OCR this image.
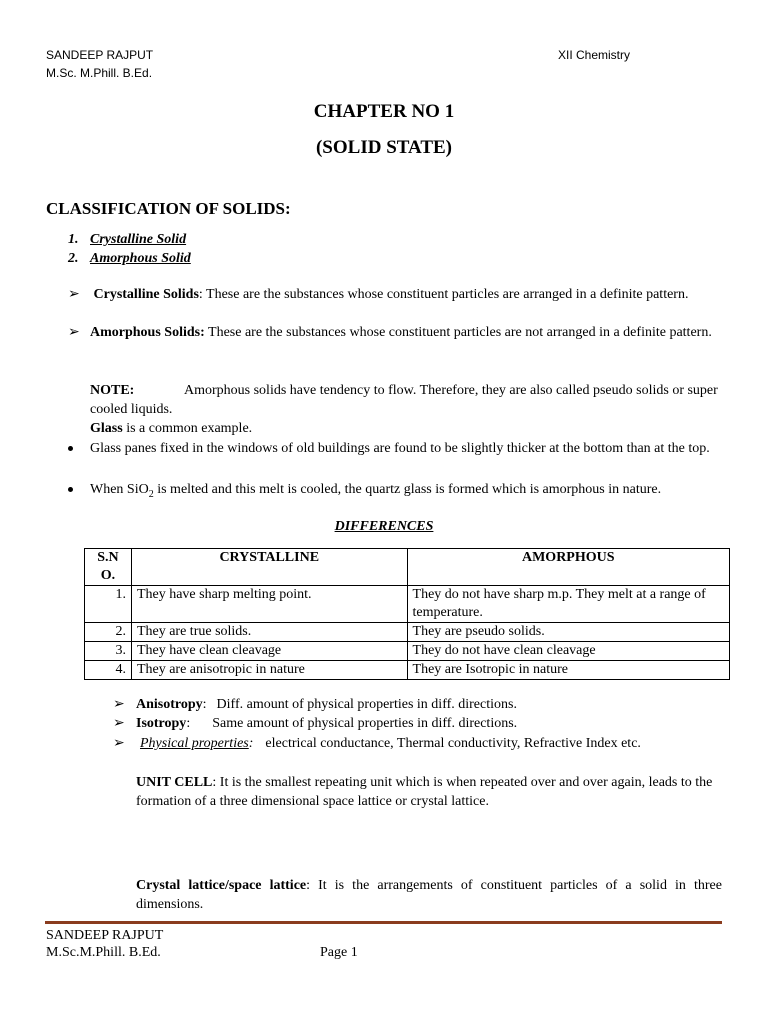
SANDEEP RAJPUT
M.Sc. M.Phill. B.Ed.
XII Chemistry
CHAPTER NO 1
(SOLID STATE)
CLASSIFICATION OF SOLIDS:
1. Crystalline Solid
2. Amorphous Solid
➢ Crystalline Solids: These are the substances whose constituent particles are arranged in a definite pattern.
➢ Amorphous Solids: These are the substances whose constituent particles are not arranged in a definite pattern.
NOTE:	Amorphous solids have tendency to flow. Therefore, they are also called pseudo solids or super cooled liquids.
Glass is a common example.
Glass panes fixed in the windows of old buildings are found to be slightly thicker at the bottom than at the top.
When SiO$_2$ is melted and this melt is cooled, the quartz glass is formed which is amorphous in nature.
DIFFERENCES
S.N O.	CRYSTALLINE	AMORPHOUS
1.	They have sharp melting point.	They do not have sharp m.p. They melt at a range of temperature.
2.	They are true solids.	They are pseudo solids.
3.	They have clean cleavage	They do not have clean cleavage
4.	They are anisotropic in nature	They are Isotropic in nature
➢ Anisotropy: Diff. amount of physical properties in diff. directions.
➢ Isotropy: Same amount of physical properties in diff. directions.
➢ Physical properties: electrical conductance, Thermal conductivity, Refractive Index etc.
UNIT CELL: It is the smallest repeating unit which is when repeated over and over again, leads to the formation of a three dimensional space lattice or crystal lattice.
Crystal lattice/space lattice: It is the arrangements of constituent particles of a solid in three dimensions.
SANDEEP RAJPUT
M.Sc.M.Phill. B.Ed.	Page 1
